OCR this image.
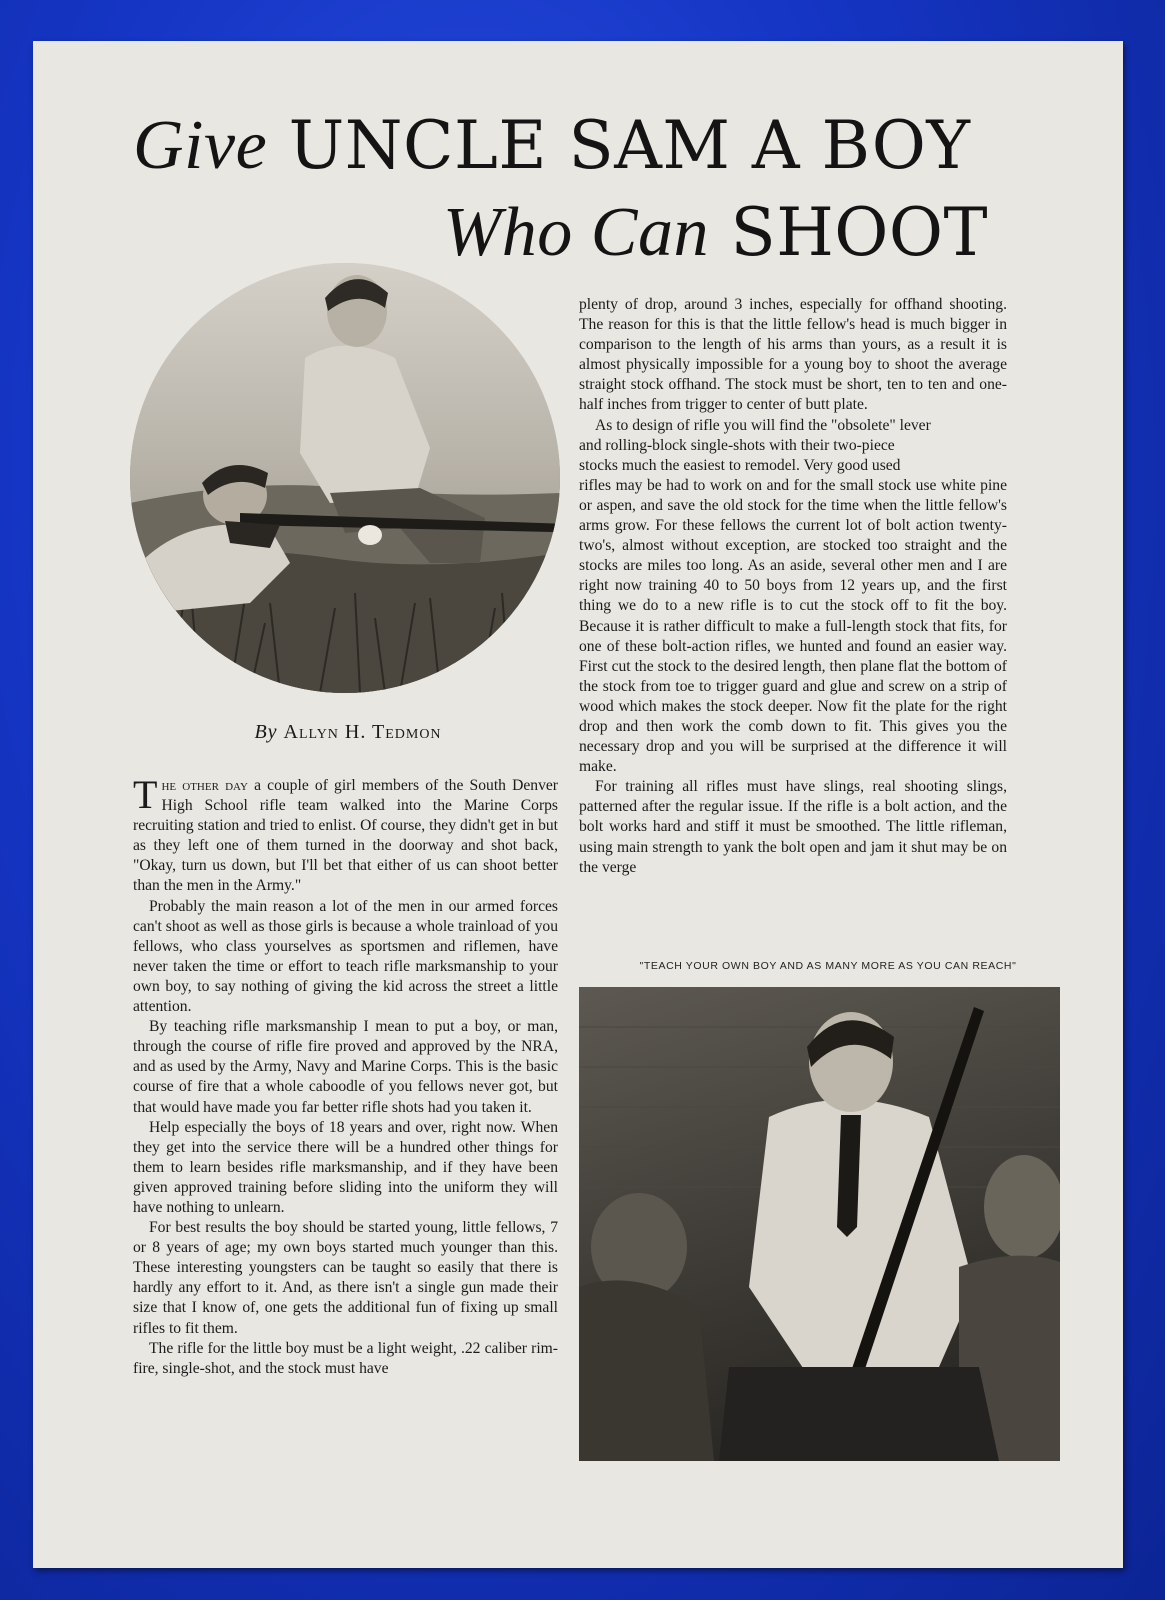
Give UNCLE SAM A BOY
Who Can SHOOT
By Allyn H. Tedmon

The other day a couple of girl members of the South Denver High School rifle team walked into the Marine Corps recruiting station and tried to enlist. Of course, they didn't get in but as they left one of them turned in the doorway and shot back, "Okay, turn us down, but I'll bet that either of us can shoot better than the men in the Army."

Probably the main reason a lot of the men in our armed forces can't shoot as well as those girls is because a whole trainload of you fellows, who class yourselves as sportsmen and riflemen, have never taken the time or effort to teach rifle marksmanship to your own boy, to say nothing of giving the kid across the street a little attention.

By teaching rifle marksmanship I mean to put a boy, or man, through the course of rifle fire proved and approved by the NRA, and as used by the Army, Navy and Marine Corps. This is the basic course of fire that a whole caboodle of you fellows never got, but that would have made you far better rifle shots had you taken it.

Help especially the boys of 18 years and over, right now. When they get into the service there will be a hundred other things for them to learn besides rifle marksmanship, and if they have been given approved training before sliding into the uniform they will have nothing to unlearn.

For best results the boy should be started young, little fellows, 7 or 8 years of age; my own boys started much younger than this. These interesting youngsters can be taught so easily that there is hardly any effort to it. And, as there isn't a single gun made their size that I know of, one gets the additional fun of fixing up small rifles to fit them.

The rifle for the little boy must be a light weight, .22 caliber rim-fire, single-shot, and the stock must have

plenty of drop, around 3 inches, especially for offhand shooting. The reason for this is that the little fellow's head is much bigger in comparison to the length of his arms than yours, as a result it is almost physically impossible for a young boy to shoot the average straight stock offhand. The stock must be short, ten to ten and one-half inches from trigger to center of butt plate.

As to design of rifle you will find the "obsolete" lever

and rolling-block single-shots with their two-piece

stocks much the easiest to remodel. Very good used

rifles may be had to work on and for the small stock use white pine or aspen, and save the old stock for the time when the little fellow's arms grow. For these fellows the current lot of bolt action twenty-two's, almost without exception, are stocked too straight and the stocks are miles too long. As an aside, several other men and I are right now training 40 to 50 boys from 12 years up, and the first thing we do to a new rifle is to cut the stock off to fit the boy. Because it is rather difficult to make a full-length stock that fits, for one of these bolt-action rifles, we hunted and found an easier way. First cut the stock to the desired length, then plane flat the bottom of the stock from toe to trigger guard and glue and screw on a strip of wood which makes the stock deeper. Now fit the plate for the right drop and then work the comb down to fit. This gives you the necessary drop and you will be surprised at the difference it will make.

For training all rifles must have slings, real shooting slings, patterned after the regular issue. If the rifle is a bolt action, and the bolt works hard and stiff it must be smoothed. The little rifleman, using main strength to yank the bolt open and jam it shut may be on the verge

"TEACH YOUR OWN BOY AND AS MANY MORE AS YOU CAN REACH"
